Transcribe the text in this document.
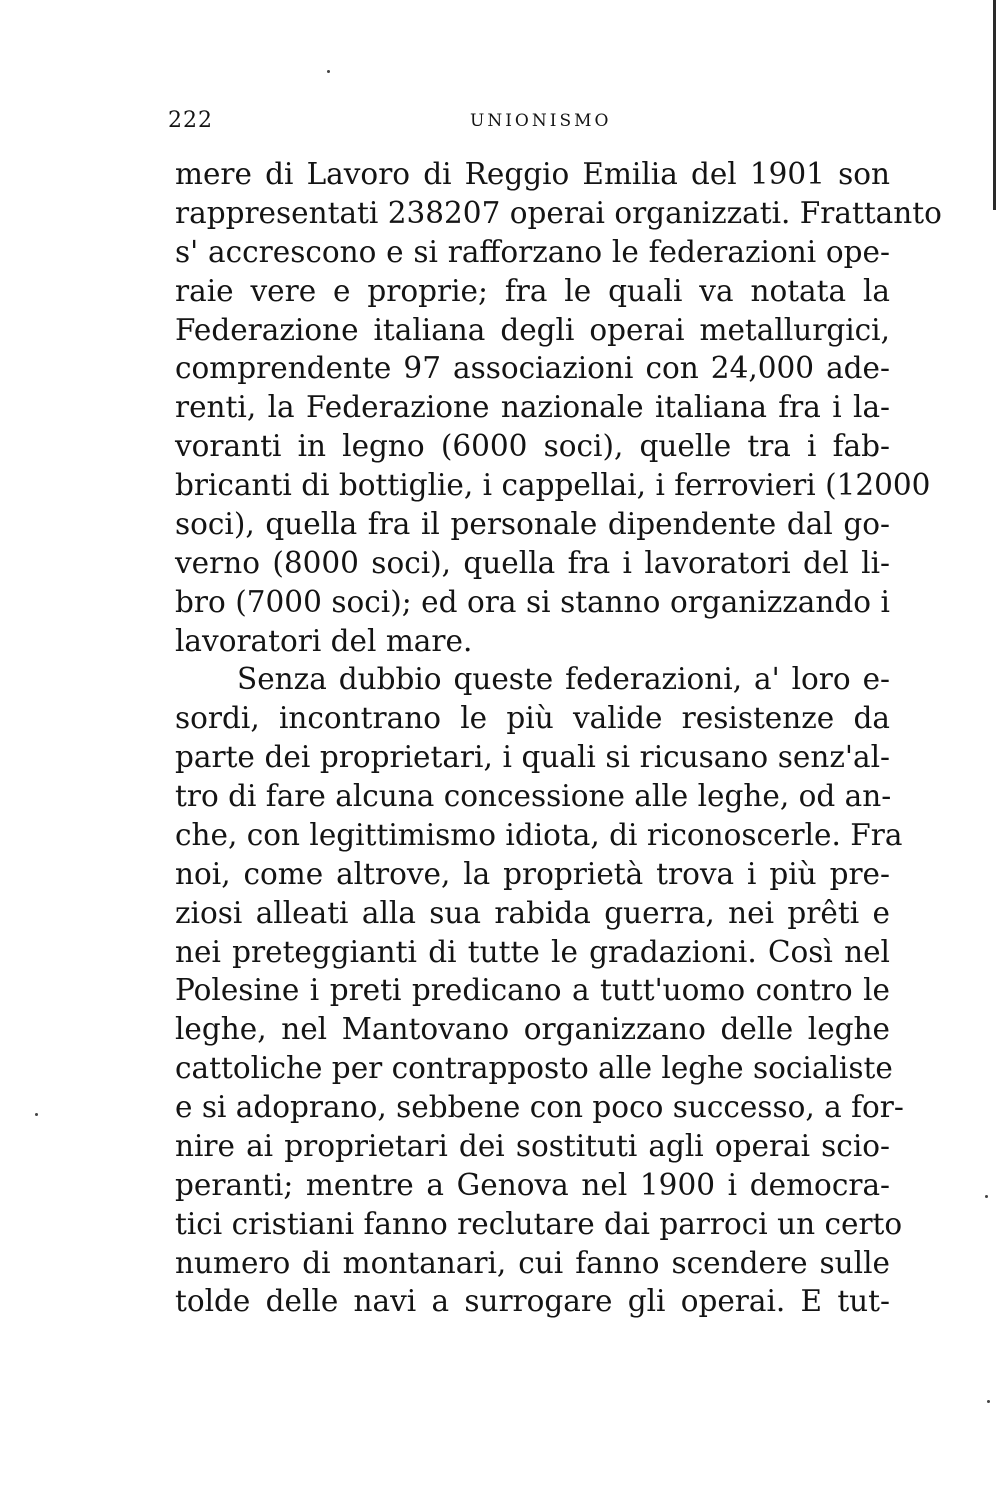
222	UNIONISMO
mere di Lavoro di Reggio Emilia del 1901 son
rappresentati 238207 operai organizzati. Frattanto
s' accrescono e si rafforzano le federazioni ope-
raie vere e proprie; fra le quali va notata la
Federazione italiana degli operai metallurgici,
comprendente 97 associazioni con 24,000 ade-
renti, la Federazione nazionale italiana fra i la-
voranti in legno (6000 soci), quelle tra i fab-
bricanti di bottiglie, i cappellai, i ferrovieri (12000
soci), quella fra il personale dipendente dal go-
verno (8000 soci), quella fra i lavoratori del li-
bro (7000 soci); ed ora si stanno organizzando i
lavoratori del mare.
Senza dubbio queste federazioni, a' loro e-
sordi, incontrano le più valide resistenze da
parte dei proprietari, i quali si ricusano senz'al-
tro di fare alcuna concessione alle leghe, od an-
che, con legittimismo idiota, di riconoscerle. Fra
noi, come altrove, la proprietà trova i più pre-
ziosi alleati alla sua rabida guerra, nei prêti e
nei preteggianti di tutte le gradazioni. Così nel
Polesine i preti predicano a tutt'uomo contro le
leghe, nel Mantovano organizzano delle leghe
cattoliche per contrapposto alle leghe socialiste
e si adoprano, sebbene con poco successo, a for-
nire ai proprietari dei sostituti agli operai scio-
peranti; mentre a Genova nel 1900 i democra-
tici cristiani fanno reclutare dai parroci un certo
numero di montanari, cui fanno scendere sulle
tolde delle navi a surrogare gli operai. E tut-
